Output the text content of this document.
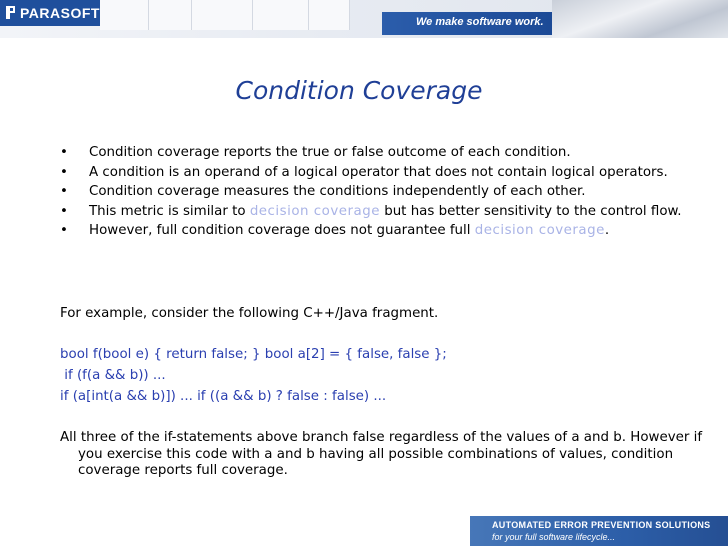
PARASOFT
We make software work.
Condition Coverage
• Condition coverage reports the true or false outcome of each condition.
• A condition is an operand of a logical operator that does not contain logical operators.
• Condition coverage measures the conditions independently of each other.
• This metric is similar to decision coverage but has better sensitivity to the control flow.
• However, full condition coverage does not guarantee full decision coverage.
For example, consider the following C++/Java fragment.
bool f(bool e) { return false; } bool a[2] = { false, false };
if (f(a && b)) ...
if (a[int(a && b)]) ... if ((a && b) ? false : false) ...
All three of the if-statements above branch false regardless of the values of a and b. However if you exercise this code with a and b having all possible combinations of values, condition coverage reports full coverage.
AUTOMATED ERROR PREVENTION SOLUTIONS
for your full software lifecycle...
